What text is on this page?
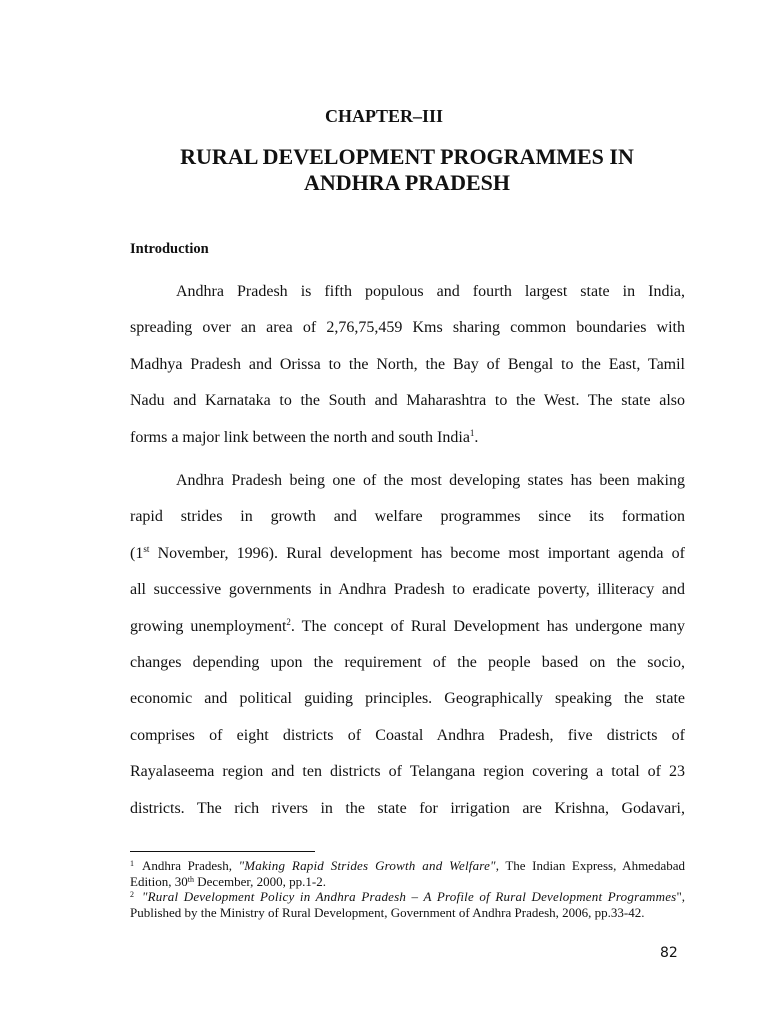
CHAPTER–III
RURAL DEVELOPMENT PROGRAMMES IN
ANDHRA PRADESH
Introduction
Andhra Pradesh is fifth populous and fourth largest state in India,
spreading over an area of 2,76,75,459 Kms sharing common boundaries with
Madhya Pradesh and Orissa to the North, the Bay of Bengal to the East, Tamil
Nadu and Karnataka to the South and Maharashtra to the West. The state also
forms a major link between the north and south India$^1$.
Andhra Pradesh being one of the most developing states has been making
rapid strides in growth and welfare programmes since its formation
(1st November, 1996). Rural development has become most important agenda of
all successive governments in Andhra Pradesh to eradicate poverty, illiteracy and
growing unemployment$^2$. The concept of Rural Development has undergone many
changes depending upon the requirement of the people based on the socio,
economic and political guiding principles. Geographically speaking the state
comprises of eight districts of Coastal Andhra Pradesh, five districts of
Rayalaseema region and ten districts of Telangana region covering a total of 23
districts. The rich rivers in the state for irrigation are Krishna, Godavari,
$^1$ Andhra Pradesh, "Making Rapid Strides Growth and Welfare", The Indian Express, Ahmedabad Edition, 30th December, 2000, pp.1-2.
$^2$ "Rural Development Policy in Andhra Pradesh – A Profile of Rural Development Programmes", Published by the Ministry of Rural Development, Government of Andhra Pradesh, 2006, pp.33-42.
82
